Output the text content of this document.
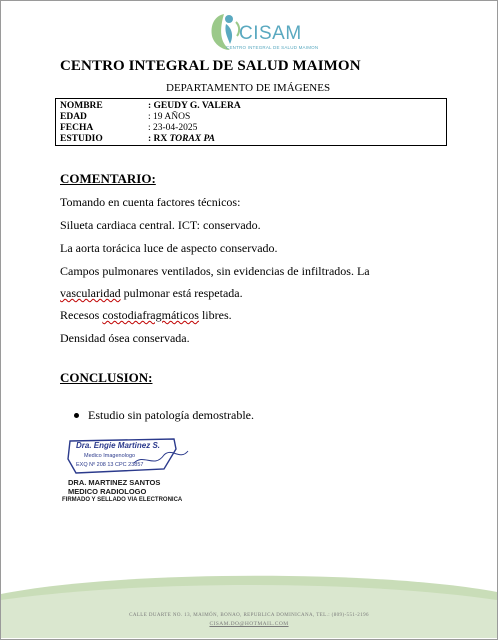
CISAM
CENTRO INTEGRAL DE SALUD MAIMON
CENTRO INTEGRAL DE SALUD MAIMON
DEPARTAMENTO DE IMÁGENES
NOMBRE	: GEUDY G. VALERA
EDAD	: 19 AÑOS
FECHA	: 23-04-2025
ESTUDIO	: RX TORAX PA
COMENTARIO:
Tomando en cuenta factores técnicos:
Silueta cardiaca central. ICT: conservado.
La aorta torácica luce de aspecto conservado.
Campos pulmonares ventilados, sin evidencias de infiltrados. La
vascularidad pulmonar está respetada.
Recesos costodiafragmáticos libres.
Densidad ósea conservada.
CONCLUSION:
Estudio sin patología demostrable.
Dra. Engie Martinez S.
Medico Imagenologo
EXQ Nº 208 13 CPC 23857
DRA. MARTINEZ SANTOS
MEDICO RADIOLOGO
FIRMADO Y SELLADO VIA ELECTRONICA
CALLE DUARTE NO. 13, MAIMÓN, BONAO, REPUBLICA DOMINICANA, TEL.: (809)-551-2196
CISAM.DO@HOTMAIL.COM
